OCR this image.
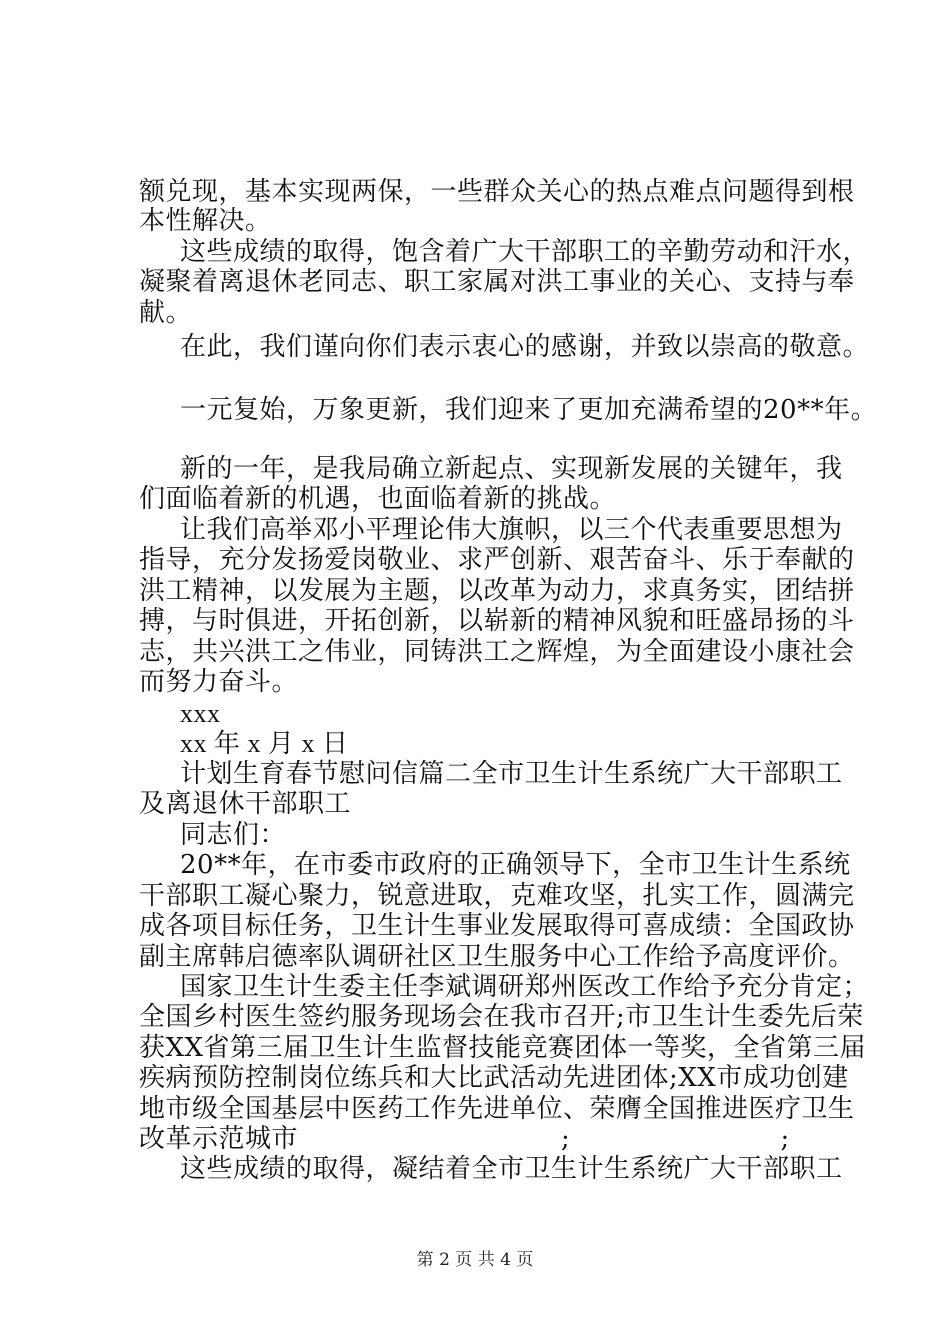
额兑现，基本实现两保，一些群众关心的热点难点问题得到根
本性解决。
这些成绩的取得，饱含着广大干部职工的辛勤劳动和汗水，
凝聚着离退休老同志、职工家属对洪工事业的关心、支持与奉
献。
在此，我们谨向你们表示衷心的感谢，并致以崇高的敬意。
一元复始，万象更新，我们迎来了更加充满希望的20**年。
新的一年，是我局确立新起点、实现新发展的关键年，我
们面临着新的机遇，也面临着新的挑战。
让我们高举邓小平理论伟大旗帜，以三个代表重要思想为
指导，充分发扬爱岗敬业、求严创新、艰苦奋斗、乐于奉献的
洪工精神，以发展为主题，以改革为动力，求真务实，团结拼
搏，与时俱进，开拓创新，以崭新的精神风貌和旺盛昂扬的斗
志，共兴洪工之伟业，同铸洪工之辉煌，为全面建设小康社会
而努力奋斗。
xxx
xx 年 x 月 x 日
计划生育春节慰问信篇二全市卫生计生系统广大干部职工
及离退休干部职工
同志们：
20**年，在市委市政府的正确领导下，全市卫生计生系统
干部职工凝心聚力，锐意进取，克难攻坚，扎实工作，圆满完
成各项目标任务，卫生计生事业发展取得可喜成绩：全国政协
副主席韩启德率队调研社区卫生服务中心工作给予高度评价。
国家卫生计生委主任李斌调研郑州医改工作给予充分肯定；
全国乡村医生签约服务现场会在我市召开;市卫生计生委先后荣
获XX省第三届卫生计生监督技能竞赛团体一等奖，全省第三届
疾病预防控制岗位练兵和大比武活动先进团体;XX市成功创建
地市级全国基层中医药工作先进单位、荣膺全国推进医疗卫生
改革示范城市                              ;                        ;
这些成绩的取得，凝结着全市卫生计生系统广大干部职工
第 2 页 共 4 页
